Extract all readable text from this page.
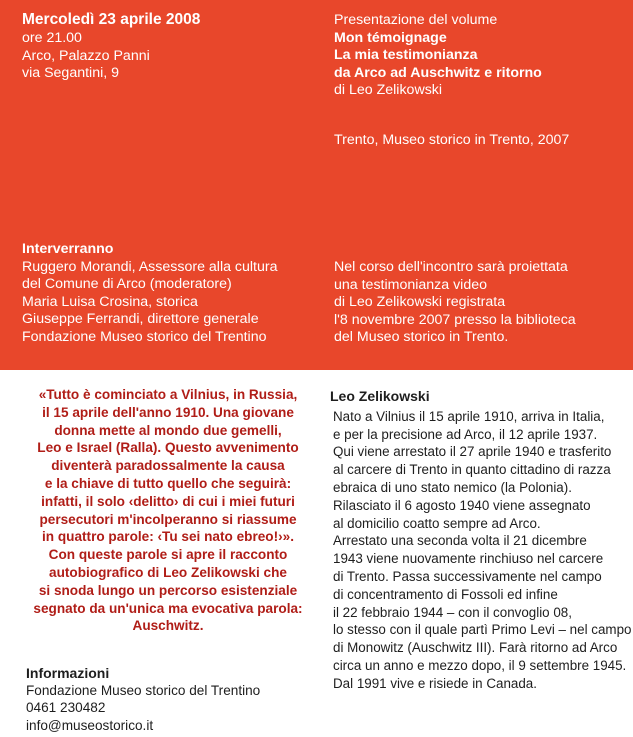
Mercoledì 23 aprile 2008
ore 21.00
Arco, Palazzo Panni
via Segantini, 9
Presentazione del volume
Mon témoignage
La mia testimonianza
da Arco ad Auschwitz e ritorno
di Leo Zelikowski
Trento, Museo storico in Trento, 2007
Interverranno
Ruggero Morandi, Assessore alla cultura
del Comune di Arco (moderatore)
Maria Luisa Crosina, storica
Giuseppe Ferrandi, direttore generale
Fondazione Museo storico del Trentino
Nel corso dell'incontro sarà proiettata
una testimonianza video
di Leo Zelikowski registrata
l'8 novembre 2007 presso la biblioteca
del Museo storico in Trento.
«Tutto è cominciato a Vilnius, in Russia,
il 15 aprile dell'anno 1910. Una giovane
donna mette al mondo due gemelli,
Leo e Israel (Ralla). Questo avvenimento
diventerà paradossalmente la causa
e la chiave di tutto quello che seguirà:
infatti, il solo ‹delitto› di cui i miei futuri
persecutori m'incolperanno si riassume
in quattro parole: ‹Tu sei nato ebreo!›».
Con queste parole si apre il racconto
autobiografico di Leo Zelikowski che
si snoda lungo un percorso esistenziale
segnato da un'unica ma evocativa parola:
Auschwitz.
Leo Zelikowski
Nato a Vilnius il 15 aprile 1910, arriva in Italia,
e per la precisione ad Arco, il 12 aprile 1937.
Qui viene arrestato il 27 aprile 1940 e trasferito
al carcere di Trento in quanto cittadino di razza
ebraica di uno stato nemico (la Polonia).
Rilasciato il 6 agosto 1940 viene assegnato
al domicilio coatto sempre ad Arco.
Arrestato una seconda volta il 21 dicembre
1943 viene nuovamente rinchiuso nel carcere
di Trento. Passa successivamente nel campo
di concentramento di Fossoli ed infine
il 22 febbraio 1944 – con il convoglio 08,
lo stesso con il quale partì Primo Levi – nel campo
di Monowitz (Auschwitz III). Farà ritorno ad Arco
circa un anno e mezzo dopo, il 9 settembre 1945.
Dal 1991 vive e risiede in Canada.
Informazioni
Fondazione Museo storico del Trentino
0461 230482
info@museostorico.it
